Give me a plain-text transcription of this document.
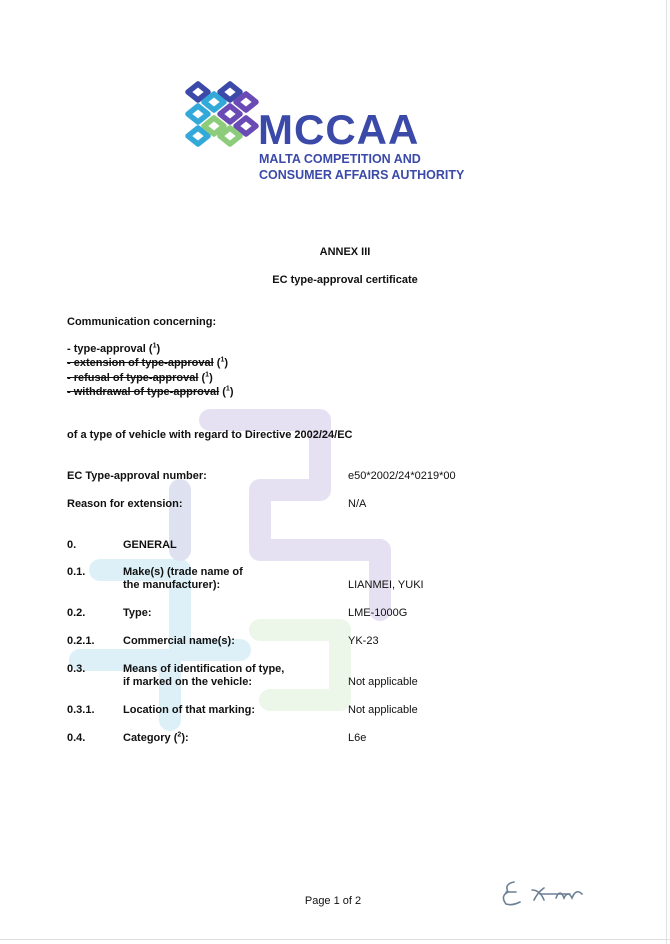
MCCAA
MALTA COMPETITION AND
CONSUMER AFFAIRS AUTHORITY
ANNEX III
EC type-approval certificate
Communication concerning:
- type-approval ($^1$)
- extension of type-approval ($^1$)
- refusal of type-approval ($^1$)
- withdrawal of type-approval ($^1$)
of a type of vehicle with regard to Directive 2002/24/EC
EC Type-approval number:	e50*2002/24*0219*00
Reason for extension:	N/A
0.	GENERAL
0.1.	Make(s) (trade name of
the manufacturer):	LIANMEI, YUKI
0.2.	Type:	LME-1000G
0.2.1.	Commercial name(s):	YK-23
0.3.	Means of identification of type,
if marked on the vehicle:	Not applicable
0.3.1.	Location of that marking:	Not applicable
0.4.	Category ($^2$):	L6e
Page 1 of 2
